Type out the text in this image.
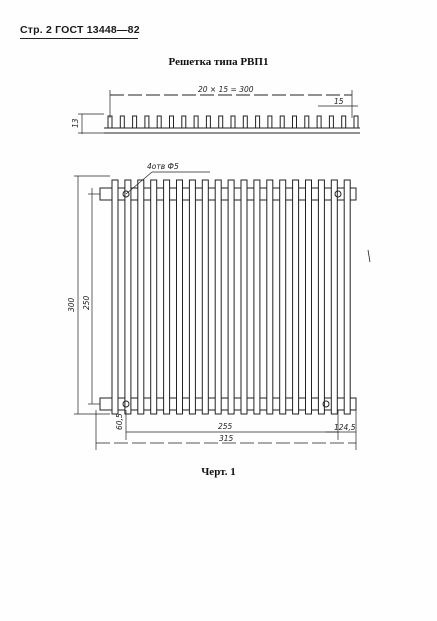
Стр. 2 ГОСТ 13448—82
Решетка типа РВП1
20 × 15 = 300
15
13
4отв Ф5
300 250
60,5	255
315
124,5
Черт. 1
